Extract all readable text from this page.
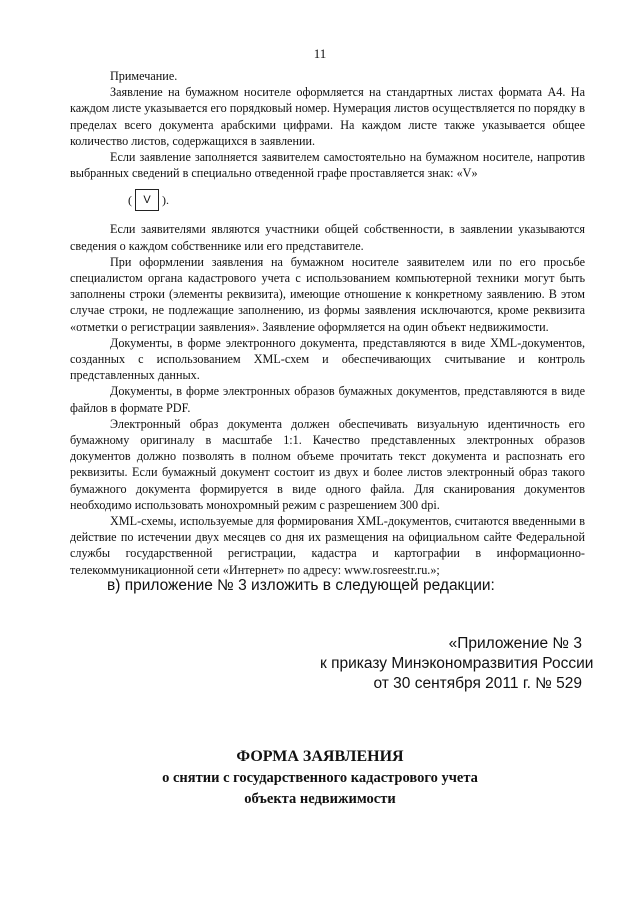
11

Примечание.

Заявление на бумажном носителе оформляется на стандартных листах формата А4. На каждом листе указывается его порядковый номер. Нумерация листов осуществляется по порядку в пределах всего документа арабскими цифрами. На каждом листе также указывается общее количество листов, содержащихся в заявлении.

Если заявление заполняется заявителем самостоятельно на бумажном носителе, напротив выбранных сведений в специально отведенной графе проставляется знак: «V»

(	V ).

Если заявителями являются участники общей собственности, в заявлении указываются сведения о каждом собственнике или его представителе.

При оформлении заявления на бумажном носителе заявителем или по его просьбе специалистом органа кадастрового учета с использованием компьютерной техники могут быть заполнены строки (элементы реквизита), имеющие отношение к конкретному заявлению. В этом случае строки, не подлежащие заполнению, из формы заявления исключаются, кроме реквизита «отметки о регистрации заявления». Заявление оформляется на один объект недвижимости.

Документы, в форме электронного документа, представляются в виде XML-документов, созданных с использованием XML-схем и обеспечивающих считывание и контроль представленных данных.

Документы, в форме электронных образов бумажных документов, представляются в виде файлов в формате PDF.

Электронный образ документа должен обеспечивать визуальную идентичность его бумажному оригиналу в масштабе 1:1. Качество представленных электронных образов документов должно позволять в полном объеме прочитать текст документа и распознать его реквизиты. Если бумажный документ состоит из двух и более листов электронный образ такого бумажного документа формируется в виде одного файла. Для сканирования документов необходимо использовать монохромный режим с разрешением 300 dpi.

XML-схемы, используемые для формирования XML-документов, считаются введенными в действие по истечении двух месяцев со дня их размещения на официальном сайте Федеральной службы государственной регистрации, кадастра и картографии в информационно-телекоммуникационной сети «Интернет» по адресу: www.rosreestr.ru.»;

в) приложение № 3 изложить в следующей редакции:
«Приложение № 3
к приказу Минэкономразвития России
от 30 сентября 2011 г. № 529
ФОРМА ЗАЯВЛЕНИЯ
о снятии с государственного кадастрового учета
объекта недвижимости
